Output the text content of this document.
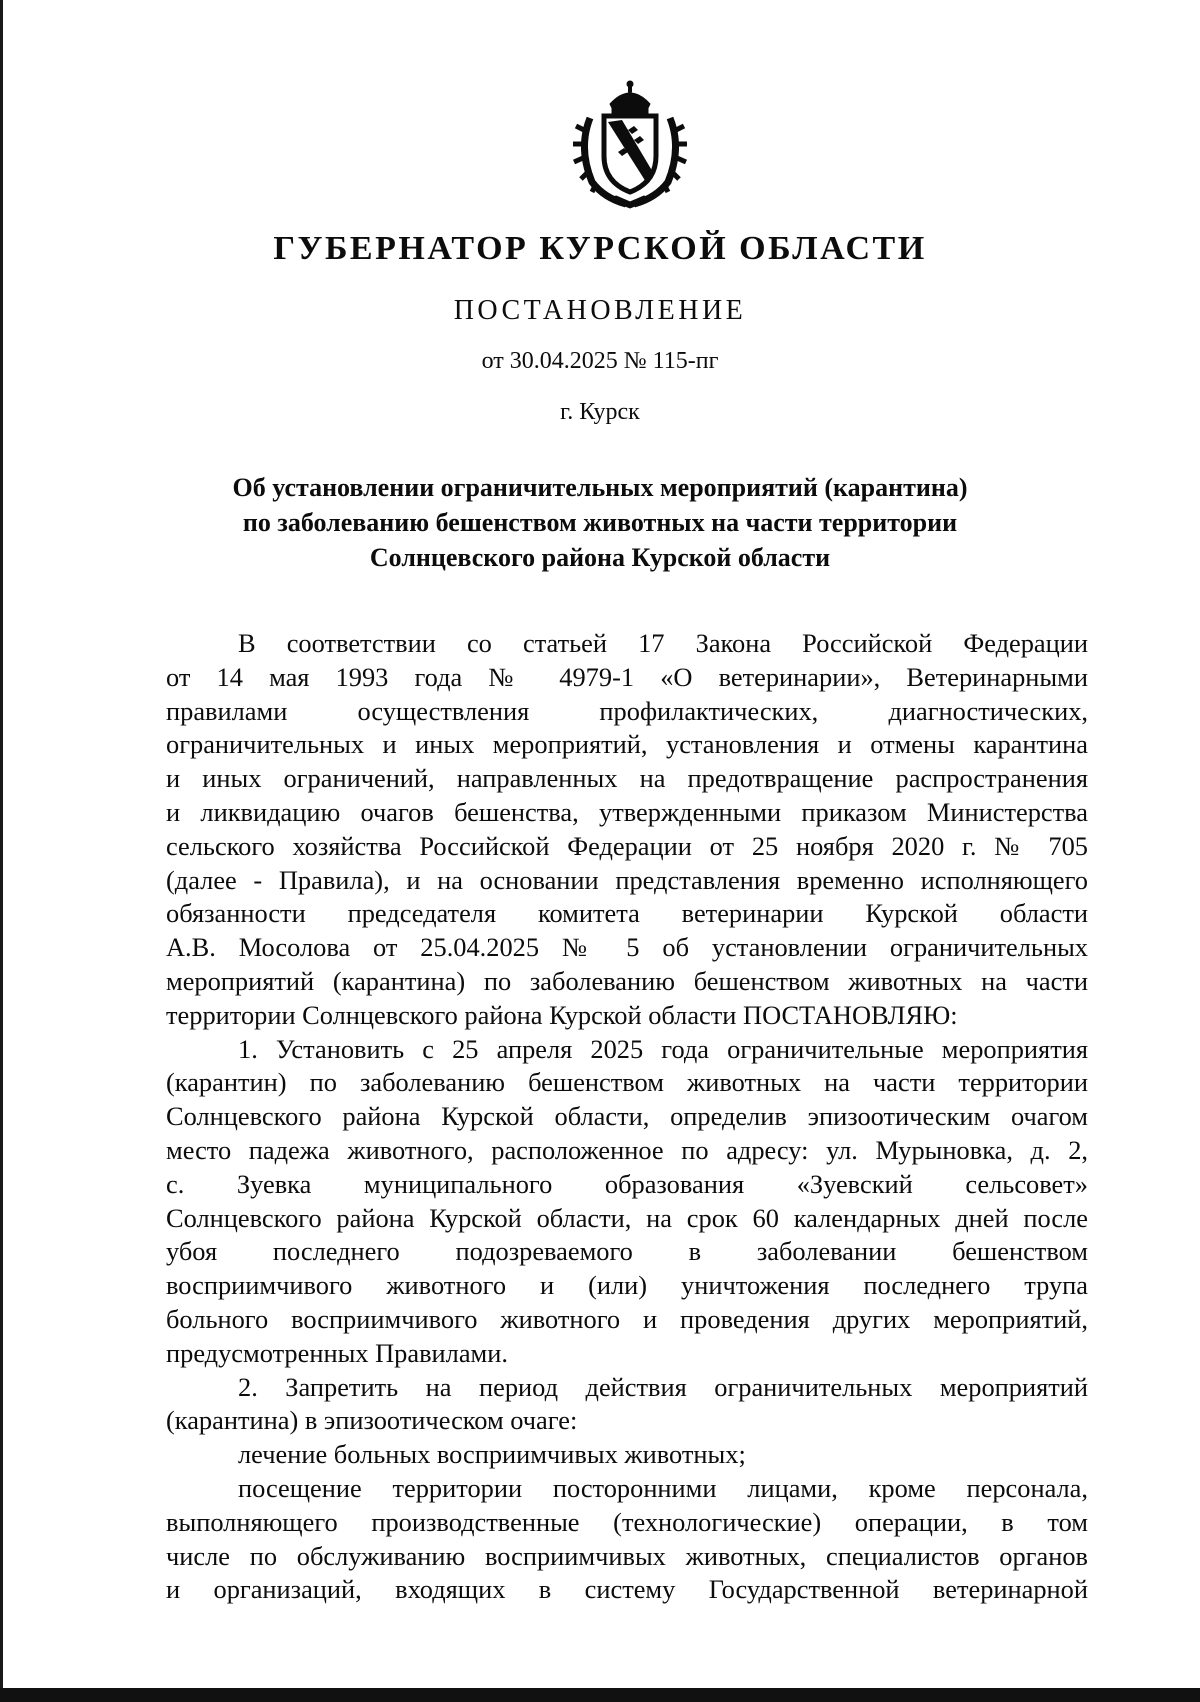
ГУБЕРНАТОР КУРСКОЙ ОБЛАСТИ
ПОСТАНОВЛЕНИЕ
от 30.04.2025 № 115-пг
г. Курск
Об установлении ограничительных мероприятий (карантина)
по заболеванию бешенством животных на части территории
Солнцевского района Курской области
В соответствии со статьей 17 Закона Российской Федерации
от 14 мая 1993 года № 4979-1 «О ветеринарии», Ветеринарными
правилами осуществления профилактических, диагностических,
ограничительных и иных мероприятий, установления и отмены карантина
и иных ограничений, направленных на предотвращение распространения
и ликвидацию очагов бешенства, утвержденными приказом Министерства
сельского хозяйства Российской Федерации от 25 ноября 2020 г. № 705
(далее - Правила), и на основании представления временно исполняющего
обязанности председателя комитета ветеринарии Курской области
А.В. Мосолова от 25.04.2025 № 5 об установлении ограничительных
мероприятий (карантина) по заболеванию бешенством животных на части
территории Солнцевского района Курской области ПОСТАНОВЛЯЮ:
1. Установить с 25 апреля 2025 года ограничительные мероприятия
(карантин) по заболеванию бешенством животных на части территории
Солнцевского района Курской области, определив эпизоотическим очагом
место падежа животного, расположенное по адресу: ул. Мурыновка, д. 2,
с. Зуевка муниципального образования «Зуевский сельсовет»
Солнцевского района Курской области, на срок 60 календарных дней после
убоя последнего подозреваемого в заболевании бешенством
восприимчивого животного и (или) уничтожения последнего трупа
больного восприимчивого животного и проведения других мероприятий,
предусмотренных Правилами.
2. Запретить на период действия ограничительных мероприятий
(карантина) в эпизоотическом очаге:
лечение больных восприимчивых животных;
посещение территории посторонними лицами, кроме персонала,
выполняющего производственные (технологические) операции, в том
числе по обслуживанию восприимчивых животных, специалистов органов
и организаций, входящих в систему Государственной ветеринарной
